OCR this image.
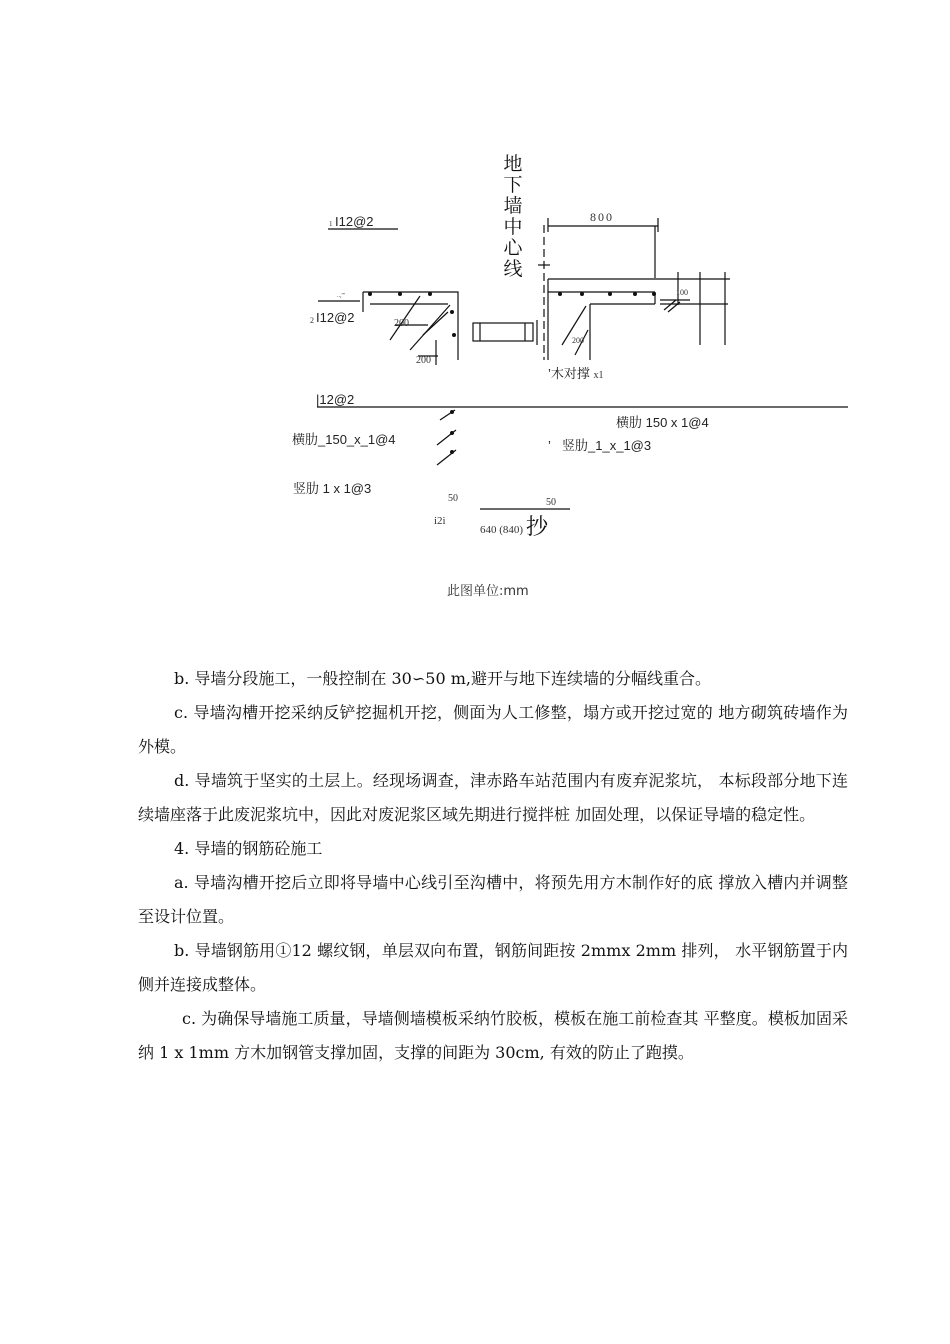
地下墙中心线
800
100
1 I12@2
..,'''
2 I12@2	200
200
200
’木对撑 x1
|12@2
横肋 150 x 1@4
横肋_150_x_1@4	’ 竖肋_1_x_1@3
竖肋 1 x 1@3
50	50
i2i
640 (840) 抄
此图单位:mm

b. 导墙分段施工，一般控制在 30∽50 m,避开与地下连续墙的分幅线重合。

c. 导墙沟槽开挖采纳反铲挖掘机开挖，侧面为人工修整，塌方或开挖过宽的 地方砌筑砖墙作为外模。

d. 导墙筑于坚实的土层上。经现场调查，津赤路车站范围内有废弃泥浆坑， 本标段部分地下连续墙座落于此废泥浆坑中，因此对废泥浆区域先期进行搅拌桩 加固处理，以保证导墙的稳定性。

4. 导墙的钢筋砼施工

a. 导墙沟槽开挖后立即将导墙中心线引至沟槽中，将预先用方木制作好的底 撑放入槽内并调整至设计位置。

b. 导墙钢筋用①12 螺纹钢，单层双向布置，钢筋间距按 2mmx 2mm 排列， 水平钢筋置于内侧并连接成整体。

c. 为确保导墙施工质量，导墙侧墙模板采纳竹胶板，模板在施工前检查其 平整度。模板加固采纳 1 x 1mm 方木加钢管支撑加固，支撑的间距为 30cm, 有效的防止了跑摸。
